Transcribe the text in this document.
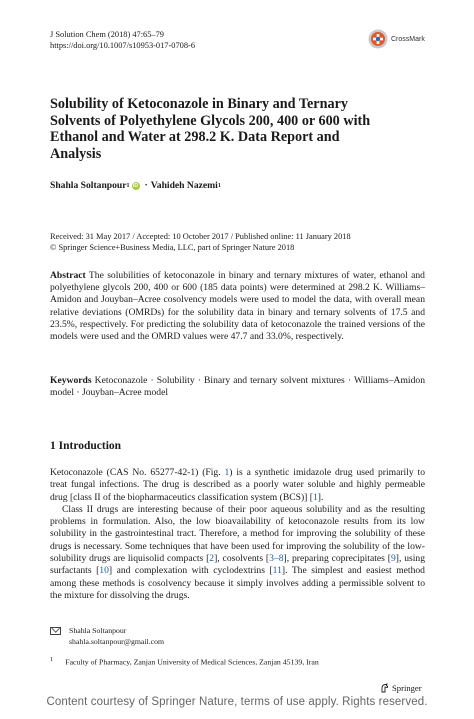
J Solution Chem (2018) 47:65–79
https://doi.org/10.1007/s10953-017-0708-6
CrossMark
Solubility of Ketoconazole in Binary and Ternary Solvents of Polyethylene Glycols 200, 400 or 600 with Ethanol and Water at 298.2 K. Data Report and Analysis
Shahla Soltanpour 1 iD · Vahideh Nazemi 1
Received: 31 May 2017 / Accepted: 10 October 2017 / Published online: 11 January 2018
© Springer Science+Business Media, LLC, part of Springer Nature 2018
Abstract The solubilities of ketoconazole in binary and ternary mixtures of water, ethanol and polyethylene glycols 200, 400 or 600 (185 data points) were determined at 298.2 K. Williams–Amidon and Jouyban–Acree cosolvency models were used to model the data, with overall mean relative deviations (OMRDs) for the solubility data in binary and ternary solvents of 17.5 and 23.5%, respectively. For predicting the solubility data of ketoconazole the trained versions of the models were used and the OMRD values were 47.7 and 33.0%, respectively.
Keywords Ketoconazole · Solubility · Binary and ternary solvent mixtures · Williams–Amidon model · Jouyban–Acree model
1 Introduction

Ketoconazole (CAS No. 65277-42-1) (Fig. 1) is a synthetic imidazole drug used primarily to treat fungal infections. The drug is described as a poorly water soluble and highly permeable drug [class II of the biopharmaceutics classification system (BCS)] [1].

Class II drugs are interesting because of their poor aqueous solubility and as the resulting problems in formulation. Also, the low bioavailability of ketoconazole results from its low solubility in the gastrointestinal tract. Therefore, a method for improving the solubility of these drugs is necessary. Some techniques that have been used for improving the solubility of the low-solubility drugs are liquisolid compacts [2], cosolvents [3–8], preparing coprecipitates [9], using surfactants [10] and complexation with cyclodextrins [11]. The simplest and easiest method among these methods is cosolvency because it simply involves adding a permissible solvent to the mixture for dissolving the drugs.

Shahla Soltanpour
shahla.soltanpour@gmail.com
$^1$ Faculty of Pharmacy, Zanjan University of Medical Sciences, Zanjan 45139, Iran
Springer
Content courtesy of Springer Nature, terms of use apply. Rights reserved.
